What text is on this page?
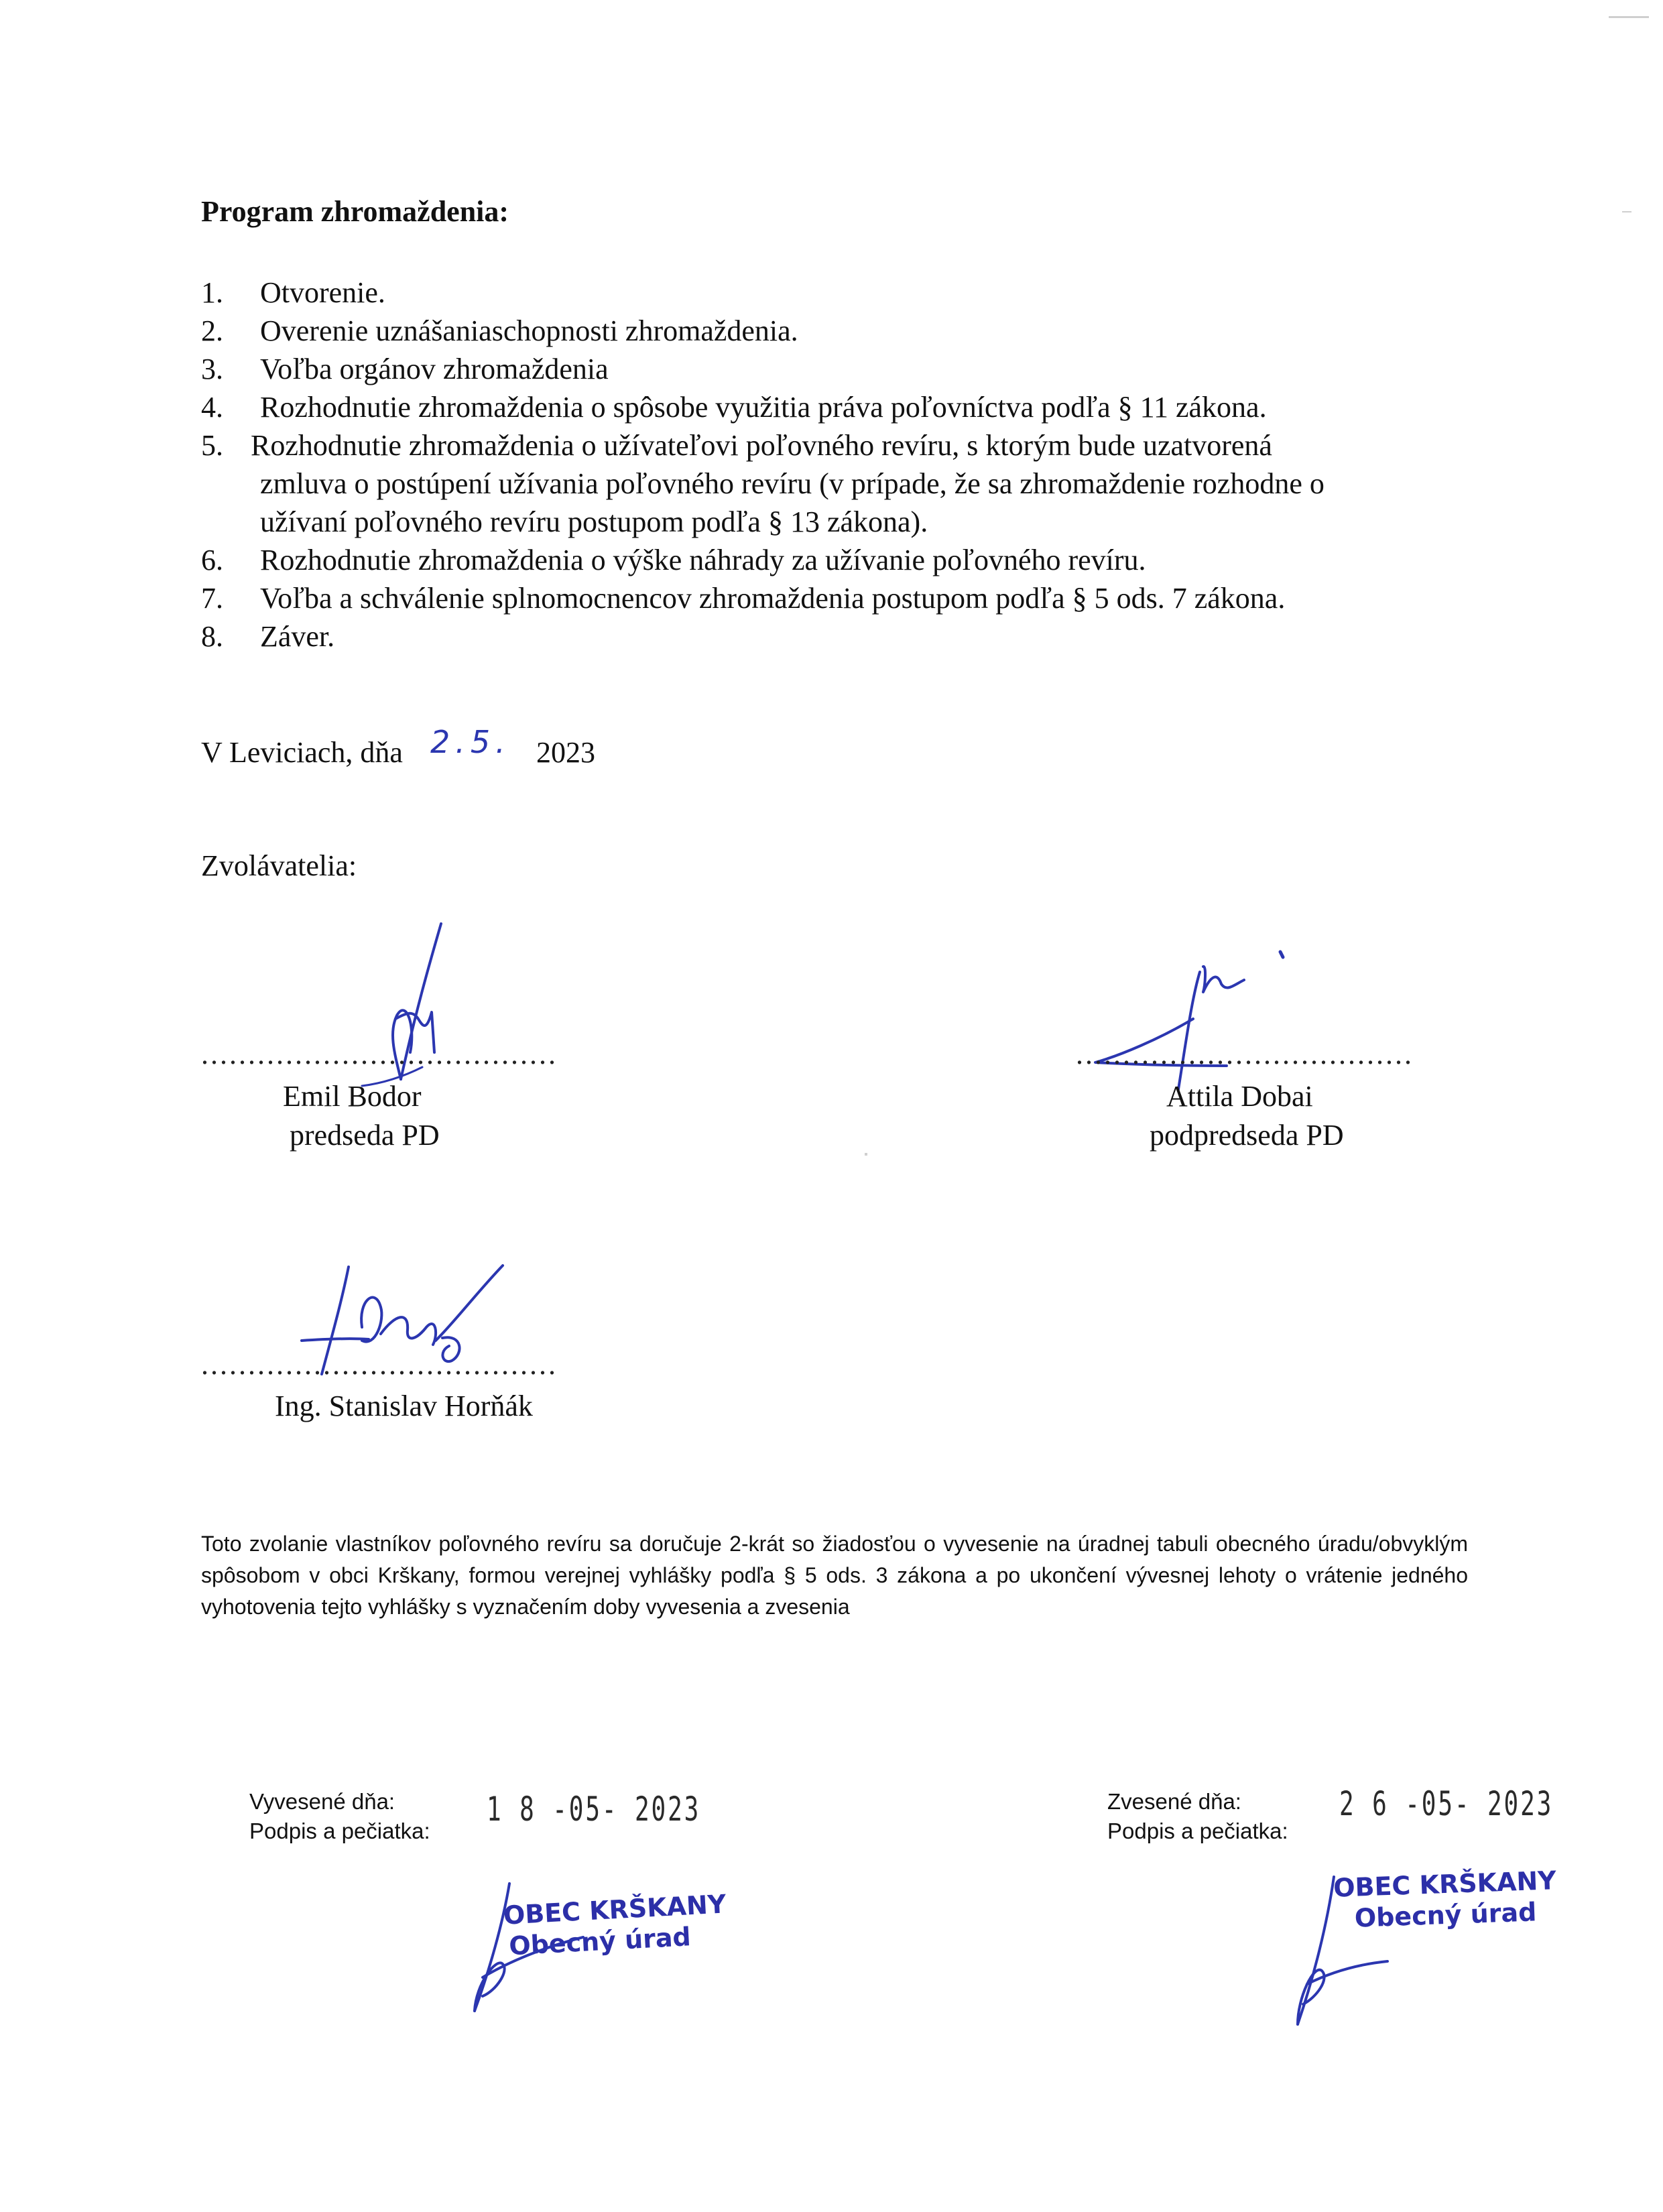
Program zhromaždenia:
1. Otvorenie.
2. Overenie uznášaniaschopnosti zhromaždenia.
3. Voľba orgánov zhromaždenia
4. Rozhodnutie zhromaždenia o spôsobe využitia práva poľovníctva podľa § 11 zákona.
5. Rozhodnutie zhromaždenia o užívateľovi poľovného revíru, s ktorým bude uzatvorená
zmluva o postúpení užívania poľovného revíru (v prípade, že sa zhromaždenie rozhodne o
užívaní poľovného revíru postupom podľa § 13 zákona).
6. Rozhodnutie zhromaždenia o výške náhrady za užívanie poľovného revíru.
7. Voľba a schválenie splnomocnencov zhromaždenia postupom podľa § 5 ods. 7 zákona.
8. Záver.
V Leviciach, dňa 2.5. 2023
Zvolávatelia:
......................................
Emil Bodor
predseda PD
....................................
Attila Dobai
podpredseda PD
......................................
Ing. Stanislav Horňák
Toto zvolanie vlastníkov poľovného revíru sa doručuje 2-krát so žiadosťou o vyvesenie na úradnej tabuli obecného úradu/obvyklým spôsobom v obci Krškany, formou verejnej vyhlášky podľa § 5 ods. 3 zákona a po ukončení vývesnej lehoty o vrátenie jedného vyhotovenia tejto vyhlášky s vyznačením doby vyvesenia a zvesenia
Vyvesené dňa:
Podpis a pečiatka:
1 8 -05- 2023	Zvesené dňa:
Podpis a pečiatka:
2 6 -05- 2023
OBEC KRŠKANY
Obecný úrad
OBEC KRŠKANY
Obecný úrad
